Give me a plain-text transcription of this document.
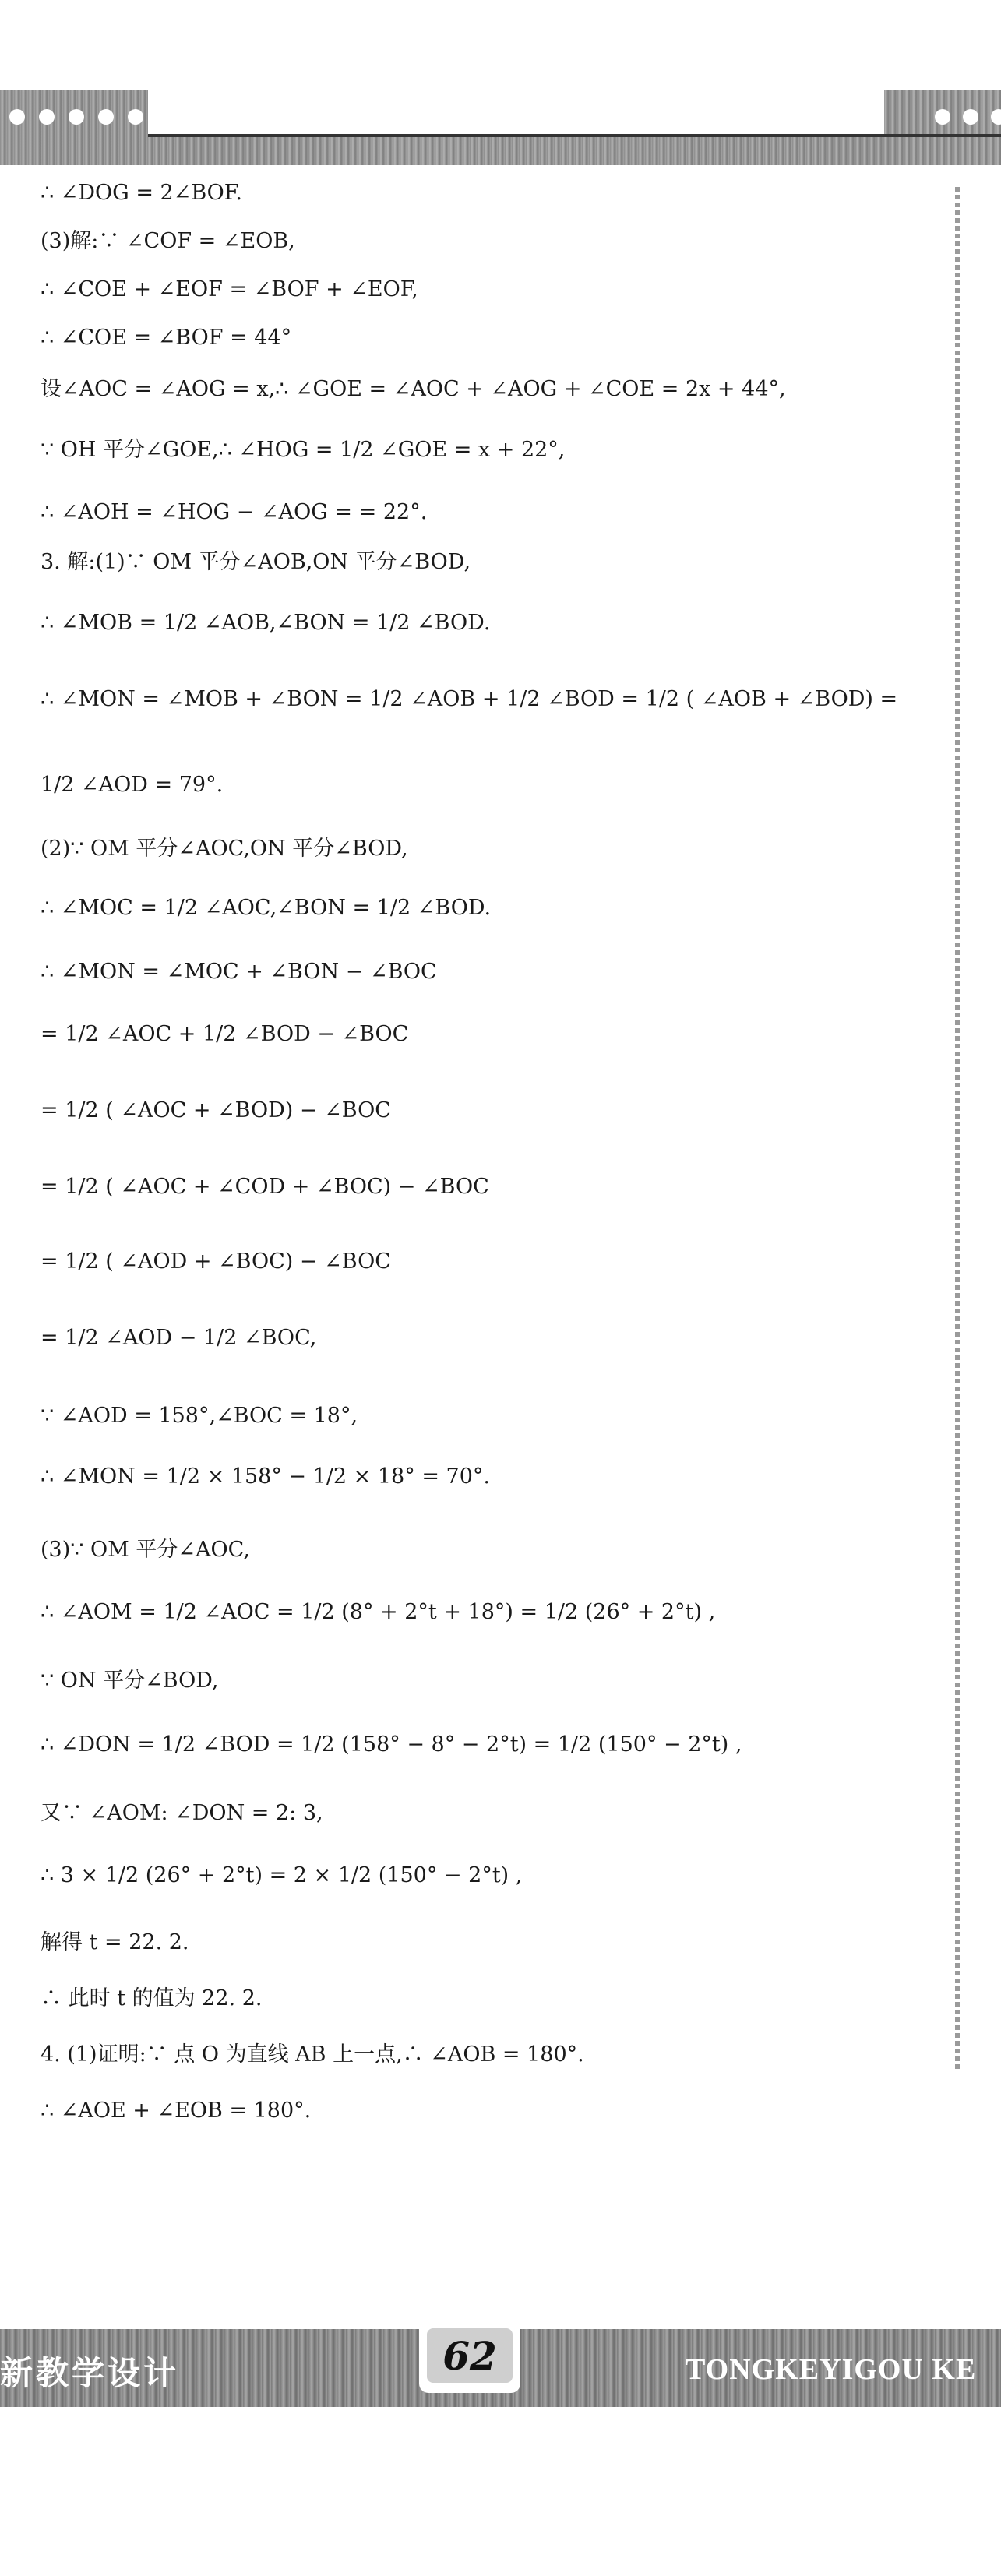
∴ ∠DOG = 2∠BOF.
(3)解:∵ ∠COF = ∠EOB,
∴ ∠COE + ∠EOF = ∠BOF + ∠EOF,
∴ ∠COE = ∠BOF = 44°
设∠AOC = ∠AOG = x,∴ ∠GOE = ∠AOC + ∠AOG + ∠COE = 2x + 44°,
∵ OH 平分∠GOE,∴ ∠HOG = 1/2 ∠GOE = x + 22°,
∴ ∠AOH = ∠HOG − ∠AOG = = 22°.
3. 解:(1)∵ OM 平分∠AOB,ON 平分∠BOD,
∴ ∠MOB = 1/2 ∠AOB,∠BON = 1/2 ∠BOD.
∴ ∠MON = ∠MOB + ∠BON = 1/2 ∠AOB + 1/2 ∠BOD = 1/2 ( ∠AOB + ∠BOD) =
1/2 ∠AOD = 79°.
(2)∵ OM 平分∠AOC,ON 平分∠BOD,
∴ ∠MOC = 1/2 ∠AOC,∠BON = 1/2 ∠BOD.
∴ ∠MON = ∠MOC + ∠BON − ∠BOC
= 1/2 ∠AOC + 1/2 ∠BOD − ∠BOC
= 1/2 ( ∠AOC + ∠BOD) − ∠BOC
= 1/2 ( ∠AOC + ∠COD + ∠BOC) − ∠BOC
= 1/2 ( ∠AOD + ∠BOC) − ∠BOC
= 1/2 ∠AOD − 1/2 ∠BOC,
∵ ∠AOD = 158°,∠BOC = 18°,
∴ ∠MON = 1/2 × 158° − 1/2 × 18° = 70°.
(3)∵ OM 平分∠AOC,
∴ ∠AOM = 1/2 ∠AOC = 1/2 (8° + 2°t + 18°) = 1/2 (26° + 2°t) ,
∵ ON 平分∠BOD,
∴ ∠DON = 1/2 ∠BOD = 1/2 (158° − 8° − 2°t) = 1/2 (150° − 2°t) ,
又∵ ∠AOM: ∠DON = 2: 3,
∴ 3 × 1/2 (26° + 2°t) = 2 × 1/2 (150° − 2°t) ,
解得 t = 22. 2.
∴ 此时 t 的值为 22. 2.
4. (1)证明:∵ 点 O 为直线 AB 上一点,∴ ∠AOB = 180°.
∴ ∠AOE + ∠EOB = 180°.
新教学设计	TONGKEYIGOU KE
62
